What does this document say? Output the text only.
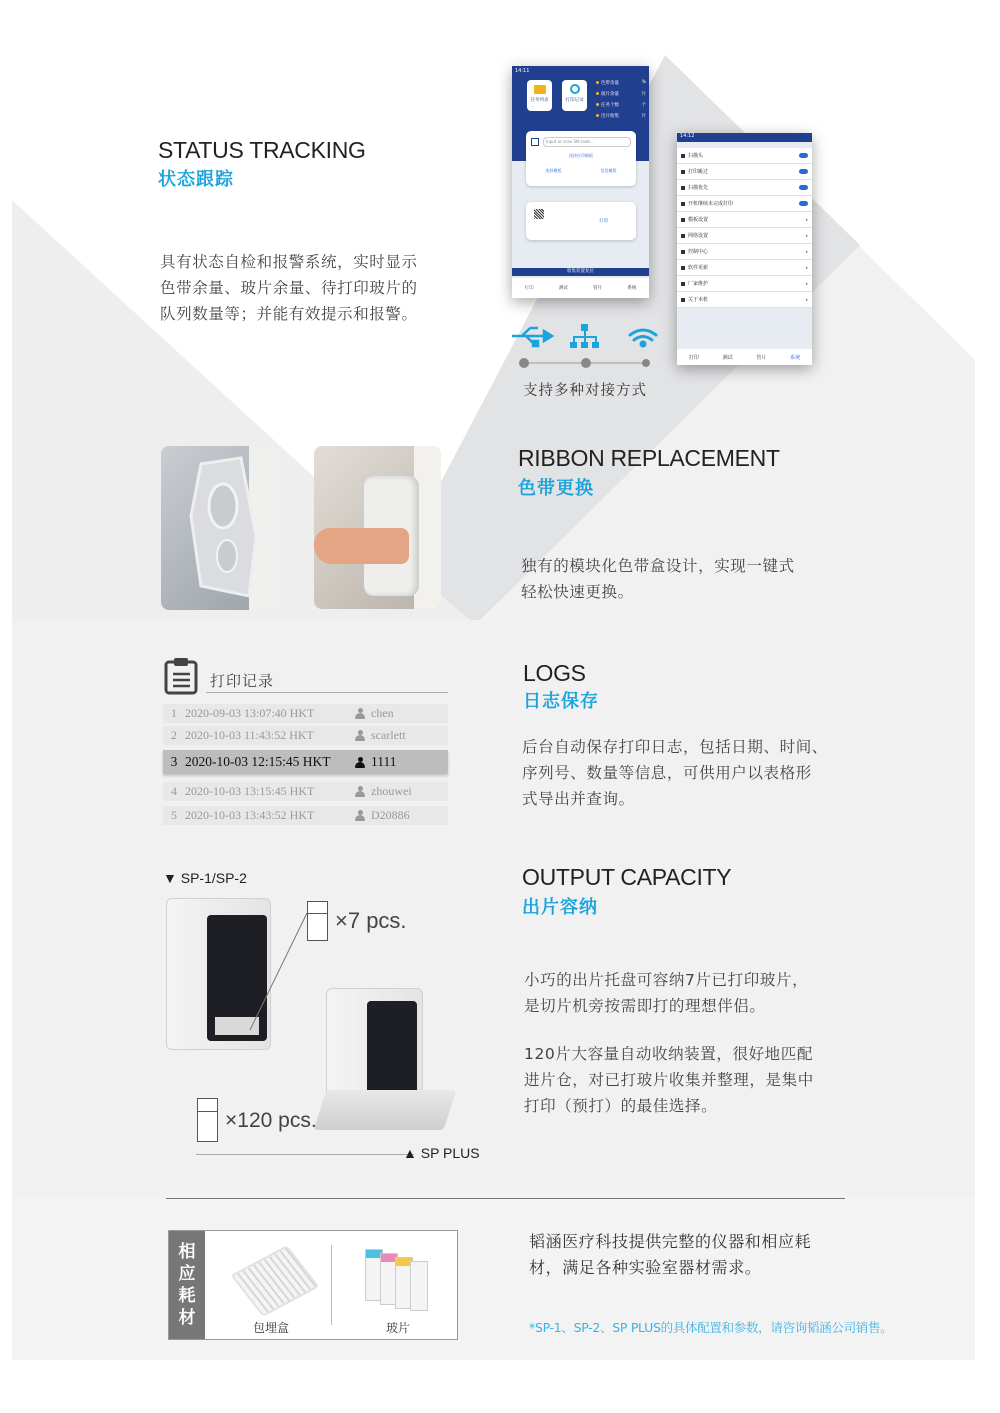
STATUS TRACKING
状态跟踪
具有状态自检和报警系统，实时显示
色带余量、玻片余量、待打印玻片的
队列数量等；并能有效提示和报警。
14:12
扫描头
打印跳过
扫描优先
开机继续未完成打印
模板设置	›
网络设置	›
控制中心	›
软件更新	›
厂家维护	›
关于本机	›
打印	测试	管片	系统
14:11
任务列表	打印记录
色带余量	%
玻片余量	片
任务个数	个
出片收集	片
Input or scan SN code...
选择打印模板
选择模板	信息模版
打印
收集装置复位
打印	测试	管片	系统
支持多种对接方式
RIBBON REPLACEMENT
色带更换
独有的模块化色带盒设计，实现一键式
轻松快速更换。
打印记录
1 2020-09-03 13:07:40 HKT	chen
2 2020-10-03 11:43:52 HKT	scarlett
3 2020-10-03 12:15:45 HKT	1111
4 2020-10-03 13:15:45 HKT	zhouwei
5 2020-10-03 13:43:52 HKT	D20886
LOGS
日志保存
后台自动保存打印日志，包括日期、时间、
序列号、数量等信息，可供用户以表格形
式导出并查询。
▼ SP-1/SP-2
×7 pcs.
×120 pcs.
▲ SP PLUS
OUTPUT CAPACITY
出片容纳
小巧的出片托盘可容纳7片已打印玻片，
是切片机旁按需即打的理想伴侣。
120片大容量自动收纳装置，很好地匹配
进片仓，对已打玻片收集并整理，是集中
打印（预打）的最佳选择。
相
应
耗
材	包埋盒	玻片
韬涵医疗科技提供完整的仪器和相应耗
材，满足各种实验室器材需求。
*SP-1、SP-2、SP PLUS的具体配置和参数，请咨询韬涵公司销售。
